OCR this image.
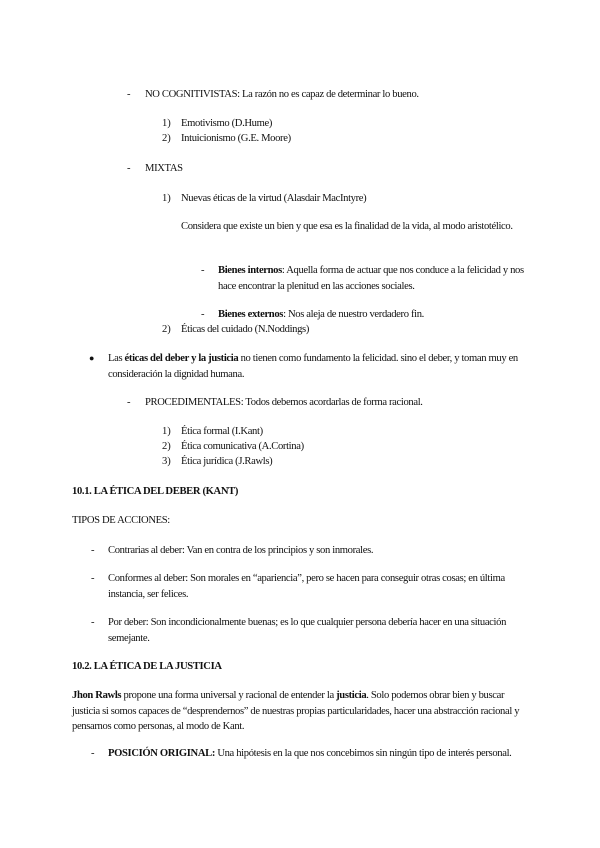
- NO COGNITIVISTAS: La razón no es capaz de determinar lo bueno.

1) Emotivismo (D.Hume)

2) Intuicionismo (G.E. Moore)

- MIXTAS

1) Nuevas éticas de la virtud (Alasdair MacIntyre)

Considera que existe un bien y que esa es la finalidad de la vida, al modo aristotélico.

- Bienes internos: Aquella forma de actuar que nos conduce a la felicidad y nos hace encontrar la plenitud en las acciones sociales.

- Bienes externos: Nos aleja de nuestro verdadero fin.

2) Éticas del cuidado (N.Noddings)

● Las éticas del deber y la justicia no tienen como fundamento la felicidad. sino el deber, y toman muy en consideración la dignidad humana.

- PROCEDIMENTALES: Todos debemos acordarlas de forma racional.

1) Ética formal (I.Kant)

2) Ética comunicativa (A.Cortina)

3) Ética jurídica (J.Rawls)

10.1. LA ÉTICA DEL DEBER (KANT)

TIPOS DE ACCIONES:

- Contrarias al deber: Van en contra de los principios y son inmorales.

- Conformes al deber: Son morales en “apariencia”, pero se hacen para conseguir otras cosas; en última instancia, ser felices.

- Por deber: Son incondicionalmente buenas; es lo que cualquier persona debería hacer en una situación semejante.

10.2. LA ÉTICA DE LA JUSTICIA

Jhon Rawls propone una forma universal y racional de entender la justicia. Solo podemos obrar bien y buscar justicia si somos capaces de “desprendernos” de nuestras propias particularidades, hacer una abstracción racional y pensarnos como personas, al modo de Kant.

- POSICIÓN ORIGINAL: Una hipótesis en la que nos concebimos sin ningún tipo de interés personal.
